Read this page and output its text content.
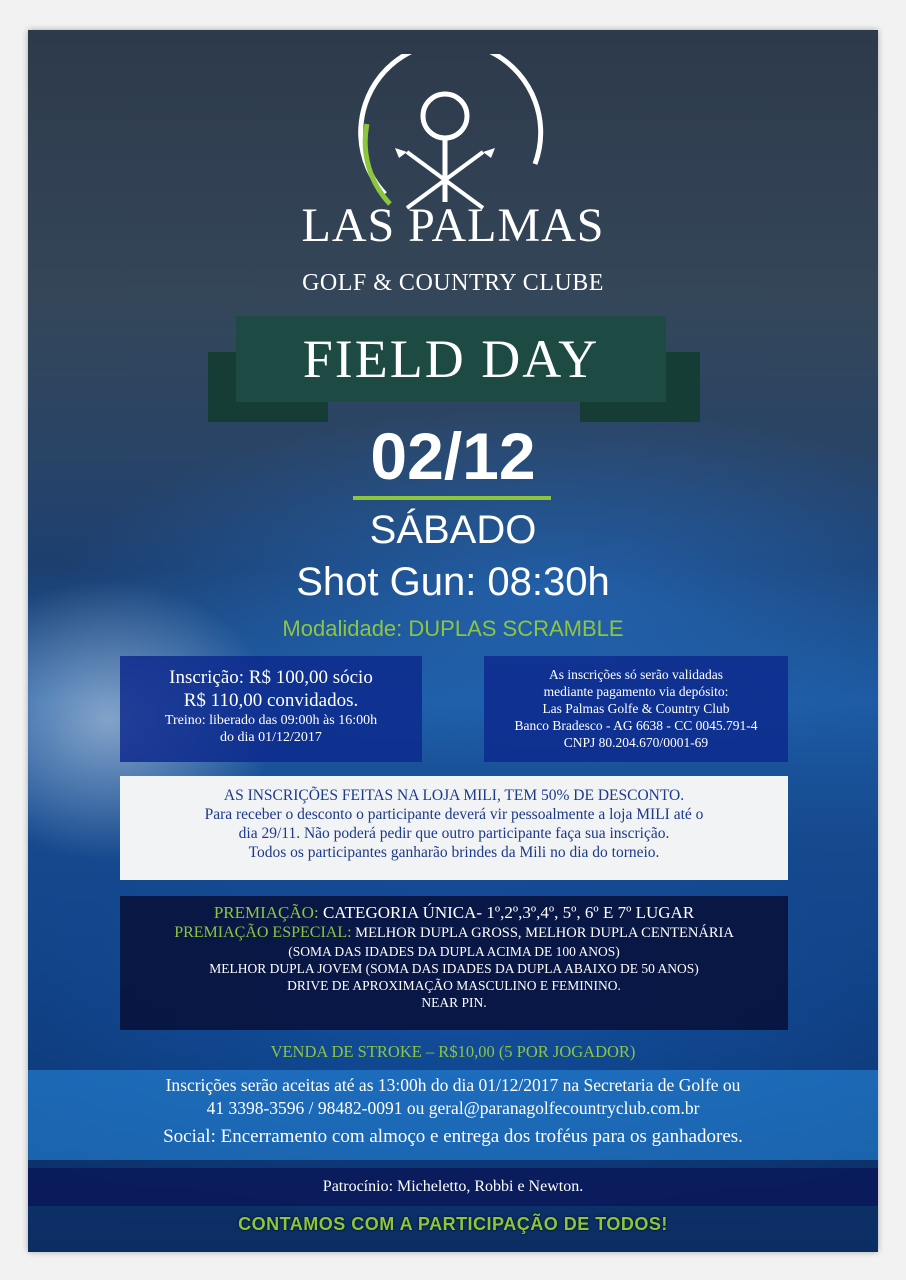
LAS PALMAS
GOLF & COUNTRY CLUBE
FIELD DAY
02/12
SÁBADO
Shot Gun: 08:30h
Modalidade: DUPLAS SCRAMBLE
Inscrição: R$ 100,00 sócio
R$ 110,00 convidados.
Treino: liberado das 09:00h às 16:00h
do dia 01/12/2017
As inscrições só serão validadas
mediante pagamento via depósito:
Las Palmas Golfe & Country Club
Banco Bradesco - AG 6638 - CC 0045.791-4
CNPJ 80.204.670/0001-69
AS INSCRIÇÕES FEITAS NA LOJA MILI, TEM 50% DE DESCONTO.
Para receber o desconto o participante deverá vir pessoalmente a loja MILI até o
dia 29/11. Não poderá pedir que outro participante faça sua inscrição.
Todos os participantes ganharão brindes da Mili no dia do torneio.
PREMIAÇÃO: CATEGORIA ÚNICA- 1º,2º,3º,4º, 5º, 6º E 7º LUGAR
PREMIAÇÃO ESPECIAL: MELHOR DUPLA GROSS, MELHOR DUPLA CENTENÁRIA
(SOMA DAS IDADES DA DUPLA ACIMA DE 100 ANOS)
MELHOR DUPLA JOVEM (SOMA DAS IDADES DA DUPLA ABAIXO DE 50 ANOS)
DRIVE DE APROXIMAÇÃO MASCULINO E FEMININO.
NEAR PIN.
VENDA DE STROKE – R$10,00 (5 POR JOGADOR)
Inscrições serão aceitas até as 13:00h do dia 01/12/2017 na Secretaria de Golfe ou
41 3398-3596 / 98482-0091 ou geral@paranagolfecountryclub.com.br
Social: Encerramento com almoço e entrega dos troféus para os ganhadores.
Patrocínio: Micheletto, Robbi e Newton.
CONTAMOS COM A PARTICIPAÇÃO DE TODOS!
